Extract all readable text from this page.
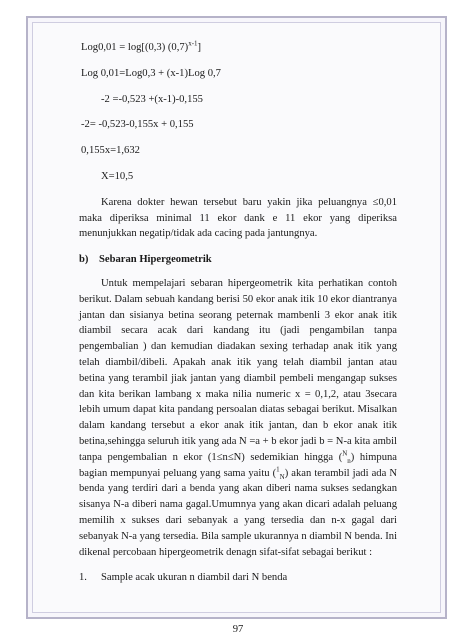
Log0,01 = log[(0,3) $(0,7)^{x-1}$]
Log 0,01=Log0,3 + (x-1)Log 0,7
-2 =-0,523 +(x-1)-0,155
-2= -0,523-0,155x + 0,155
0,155x=1,632
X=10,5

Karena dokter hewan tersebut baru yakin jika peluangnya ≤0,01 maka diperiksa minimal 11 ekor dank e 11 ekor yang diperiksa menunjukkan negatip/tidak ada cacing pada jantungnya.

b) Sebaran Hipergeometrik

Untuk mempelajari sebaran hipergeometrik kita perhatikan contoh berikut. Dalam sebuah kandang berisi 50 ekor anak itik 10 ekor diantranya jantan dan sisianya betina seorang peternak mambenli 3 ekor anak itik diambil secara acak dari kandang itu (jadi pengambilan tanpa pengembalian ) dan kemudian diadakan sexing terhadap anak itik yang telah diambil/dibeli. Apakah anak itik yang telah diambil jantan atau betina yang terambil jiak jantan yang diambil pembeli mengangap sukses dan kita berikan lambang x maka nilia numeric x = 0,1,2, atau 3secara lebih umum dapat kita pandang persoalan diatas sebagai berikut. Misalkan dalam kandang tersebut a ekor anak itik jantan, dan b ekor anak itik betina,sehingga seluruh itik yang ada N =a + b ekor jadi b = N-a kita ambil tanpa pengembalian n ekor (1≤n≤N) sedemikian hingga ($^N_n$) himpuna bagian mempunyai peluang yang sama yaitu ($^1_N$) akan terambil jadi ada N benda yang terdiri dari a benda yang akan diberi nama sukses sedangkan sisanya N-a diberi nama gagal.Umumnya yang akan dicari adalah peluang memilih x sukses dari sebanyak a yang tersedia dan n-x gagal dari sebanyak N-a yang tersedia. Bila sample ukurannya n diambil N benda. Ini dikenal percobaan hipergeometrik denagn sifat-sifat sebagai berikut :

1. Sample acak ukuran n diambil dari N benda
97
